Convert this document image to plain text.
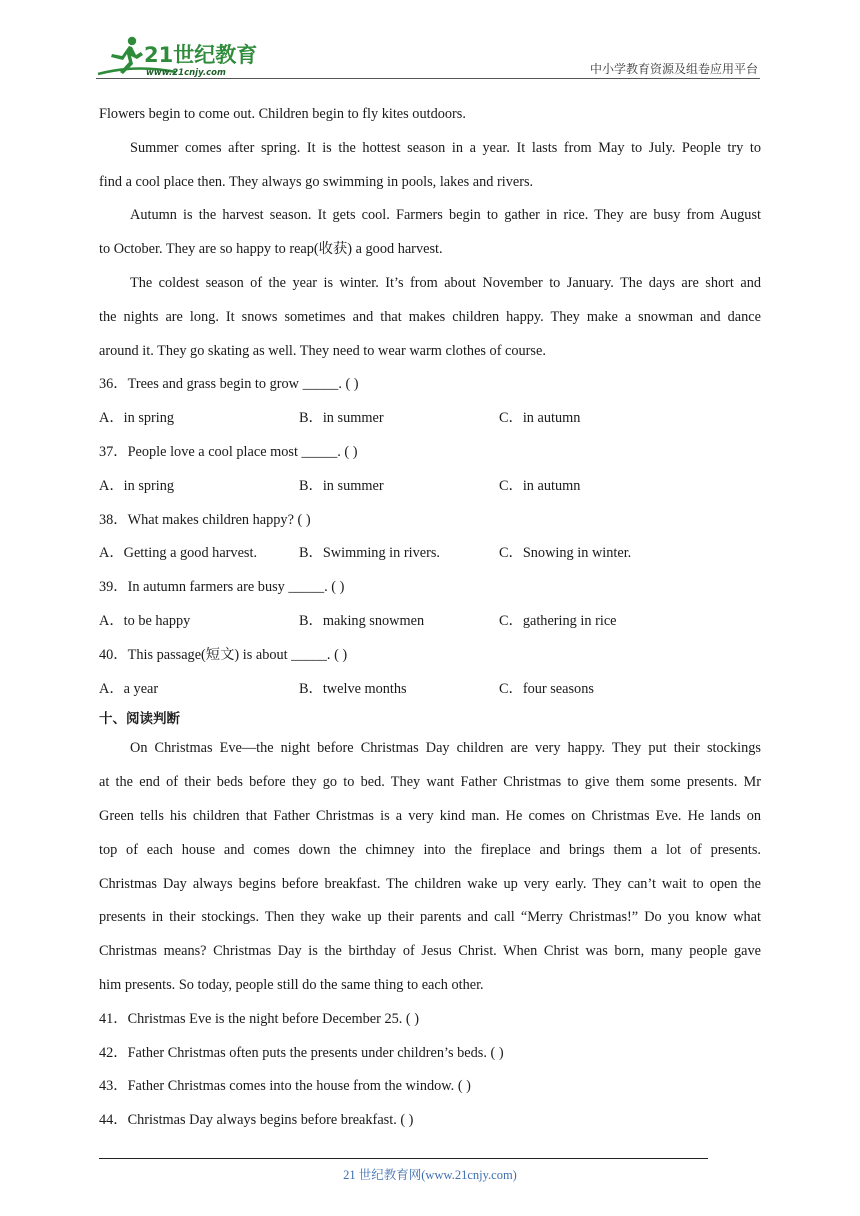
21世纪教育
www.21cnjy.com	中小学教育资源及组卷应用平台
Flowers begin to come out. Children begin to fly kites outdoors.
Summer comes after spring. It is the hottest season in a year. It lasts from May to July. People try to
find a cool place then. They always go swimming in pools, lakes and rivers.
Autumn is the harvest season. It gets cool. Farmers begin to gather in rice. They are busy from August
to October. They are so happy to reap(收获) a good harvest.
The coldest season of the year is winter. It’s from about November to January. The days are short and
the nights are long. It snows sometimes and that makes children happy. They make a snowman and dance
around it. They go skating as well. They need to wear warm clothes of course.
36．Trees and grass begin to grow _____. ( )
A．in spring	B．in summer	C．in autumn
37．People love a cool place most _____. ( )
A．in spring	B．in summer	C．in autumn
38．What makes children happy? ( )
A．Getting a good harvest.	B．Swimming in rivers.	C．Snowing in winter.
39．In autumn farmers are busy _____. ( )
A．to be happy	B．making snowmen	C．gathering in rice
40．This passage(短文) is about _____. ( )
A．a year	B．twelve months	C．four seasons
十、阅读判断
On Christmas Eve—the night before Christmas Day children are very happy. They put their stockings
at the end of their beds before they go to bed. They want Father Christmas to give them some presents. Mr
Green tells his children that Father Christmas is a very kind man. He comes on Christmas Eve. He lands on
top of each house and comes down the chimney into the fireplace and brings them a lot of presents.
Christmas Day always begins before breakfast. The children wake up very early. They can’t wait to open the
presents in their stockings. Then they wake up their parents and call “Merry Christmas!” Do you know what
Christmas means? Christmas Day is the birthday of Jesus Christ. When Christ was born, many people gave
him presents. So today, people still do the same thing to each other.
41．Christmas Eve is the night before December 25. ( )
42．Father Christmas often puts the presents under children’s beds. ( )
43．Father Christmas comes into the house from the window. ( )
44．Christmas Day always begins before breakfast. ( )
21 世纪教育网(www.21cnjy.com)
